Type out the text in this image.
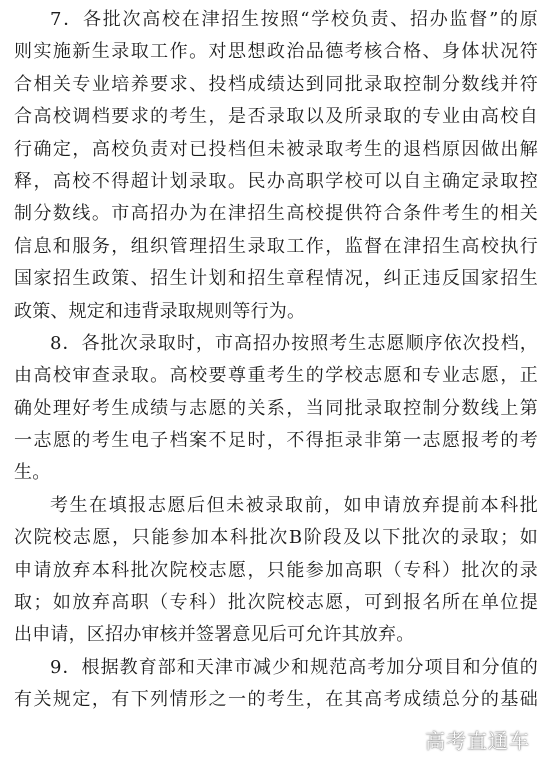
7．各批次高校在津招生按照“学校负责、招办监督”的原
则实施新生录取工作。对思想政治品德考核合格、身体状况符
合相关专业培养要求、投档成绩达到同批录取控制分数线并符
合高校调档要求的考生，是否录取以及所录取的专业由高校自
行确定，高校负责对已投档但未被录取考生的退档原因做出解
释，高校不得超计划录取。民办高职学校可以自主确定录取控
制分数线。市高招办为在津招生高校提供符合条件考生的相关
信息和服务，组织管理招生录取工作，监督在津招生高校执行
国家招生政策、招生计划和招生章程情况，纠正违反国家招生
政策、规定和违背录取规则等行为。
8．各批次录取时，市高招办按照考生志愿顺序依次投档，
由高校审查录取。高校要尊重考生的学校志愿和专业志愿，正
确处理好考生成绩与志愿的关系，当同批录取控制分数线上第
一志愿的考生电子档案不足时，不得拒录非第一志愿报考的考
生。
考生在填报志愿后但未被录取前，如申请放弃提前本科批
次院校志愿，只能参加本科批次B阶段及以下批次的录取；如
申请放弃本科批次院校志愿，只能参加高职（专科）批次的录
取；如放弃高职（专科）批次院校志愿，可到报名所在单位提
出申请，区招办审核并签署意见后可允许其放弃。
9．根据教育部和天津市减少和规范高考加分项目和分值的
有关规定，有下列情形之一的考生，在其高考成绩总分的基础
高考直通车
